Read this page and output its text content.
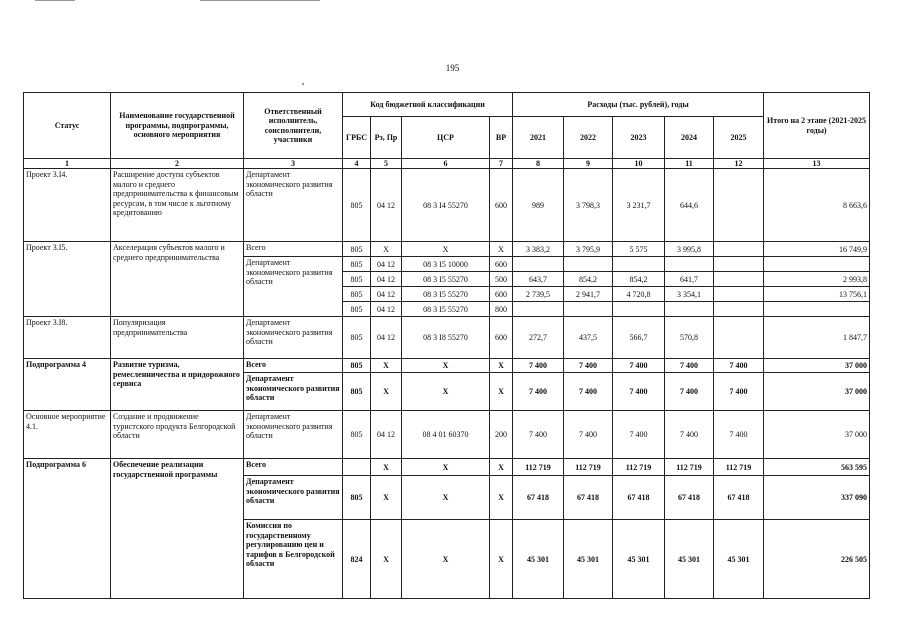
195
Статус	Наименование государственной программы, подпрограммы, основного мероприятия	Ответственный исполнитель, соисполнители, участники	Код бюджетной классификации				Расходы (тыс. рублей), годы					Итого на 2 этапе (2021-2025 годы)
			ГРБС	Рз, Пр	ЦСР	ВР	2021	2022	2023	2024	2025	
1	2	3	4	5	6	7	8	9	10	11	12	13
Проект 3.I4.	Расширение доступа субъектов малого и среднего предпринимательства к финансовым ресурсам, в том числе к льготному кредитованию	Департамент экономического развития области	805	04 12	08 3 I4 55270	600	989	3 798,3	3 231,7	644,6		8 663,6
Проект 3.I5.	Акселерация субъектов малого и среднего предпринимательства	Всего	805	X	X	X	3 383,2	3 795,9	5 575	3 995,8		16 749,9
		Департамент экономического развития области	805	04 12	08 3 I5 10000	600						
			805	04 12	08 3 I5 55270	500	643,7	854,2	854,2	641,7		2 993,8
			805	04 12	08 3 I5 55270	600	2 739,5	2 941,7	4 720,8	3 354,1		13 756,1
			805	04 12	08 3 I5 55270	800						
Проект 3.I8.	Популяризация предпринимательства	Департамент экономического развития области	805	04 12	08 3 I8 55270	600	272,7	437,5	566,7	570,8		1 847,7
Подпрограмма 4	Развитие туризма, ремесленничества и придорожного сервиса	Всего	805	X	X	X	7 400	7 400	7 400	7 400	7 400	37 000
		Департамент экономического развития области	805	X	X	X	7 400	7 400	7 400	7 400	7 400	37 000
Основное мероприятие 4.1.	Создание и продвижение туристского продукта Белгородской области	Департамент экономического развития области	805	04 12	08 4 01 60370	200	7 400	7 400	7 400	7 400	7 400	37 000
Подпрограмма 6	Обеспечение реализации государственной программы	Всего		X	X	X	112 719	112 719	112 719	112 719	112 719	563 595
		Департамент экономического развития области	805	X	X	X	67 418	67 418	67 418	67 418	67 418	337 090
		Комиссия по государственному регулированию цен и тарифов в Белгородской области	824	X	X	X	45 301	45 301	45 301	45 301	45 301	226 505
